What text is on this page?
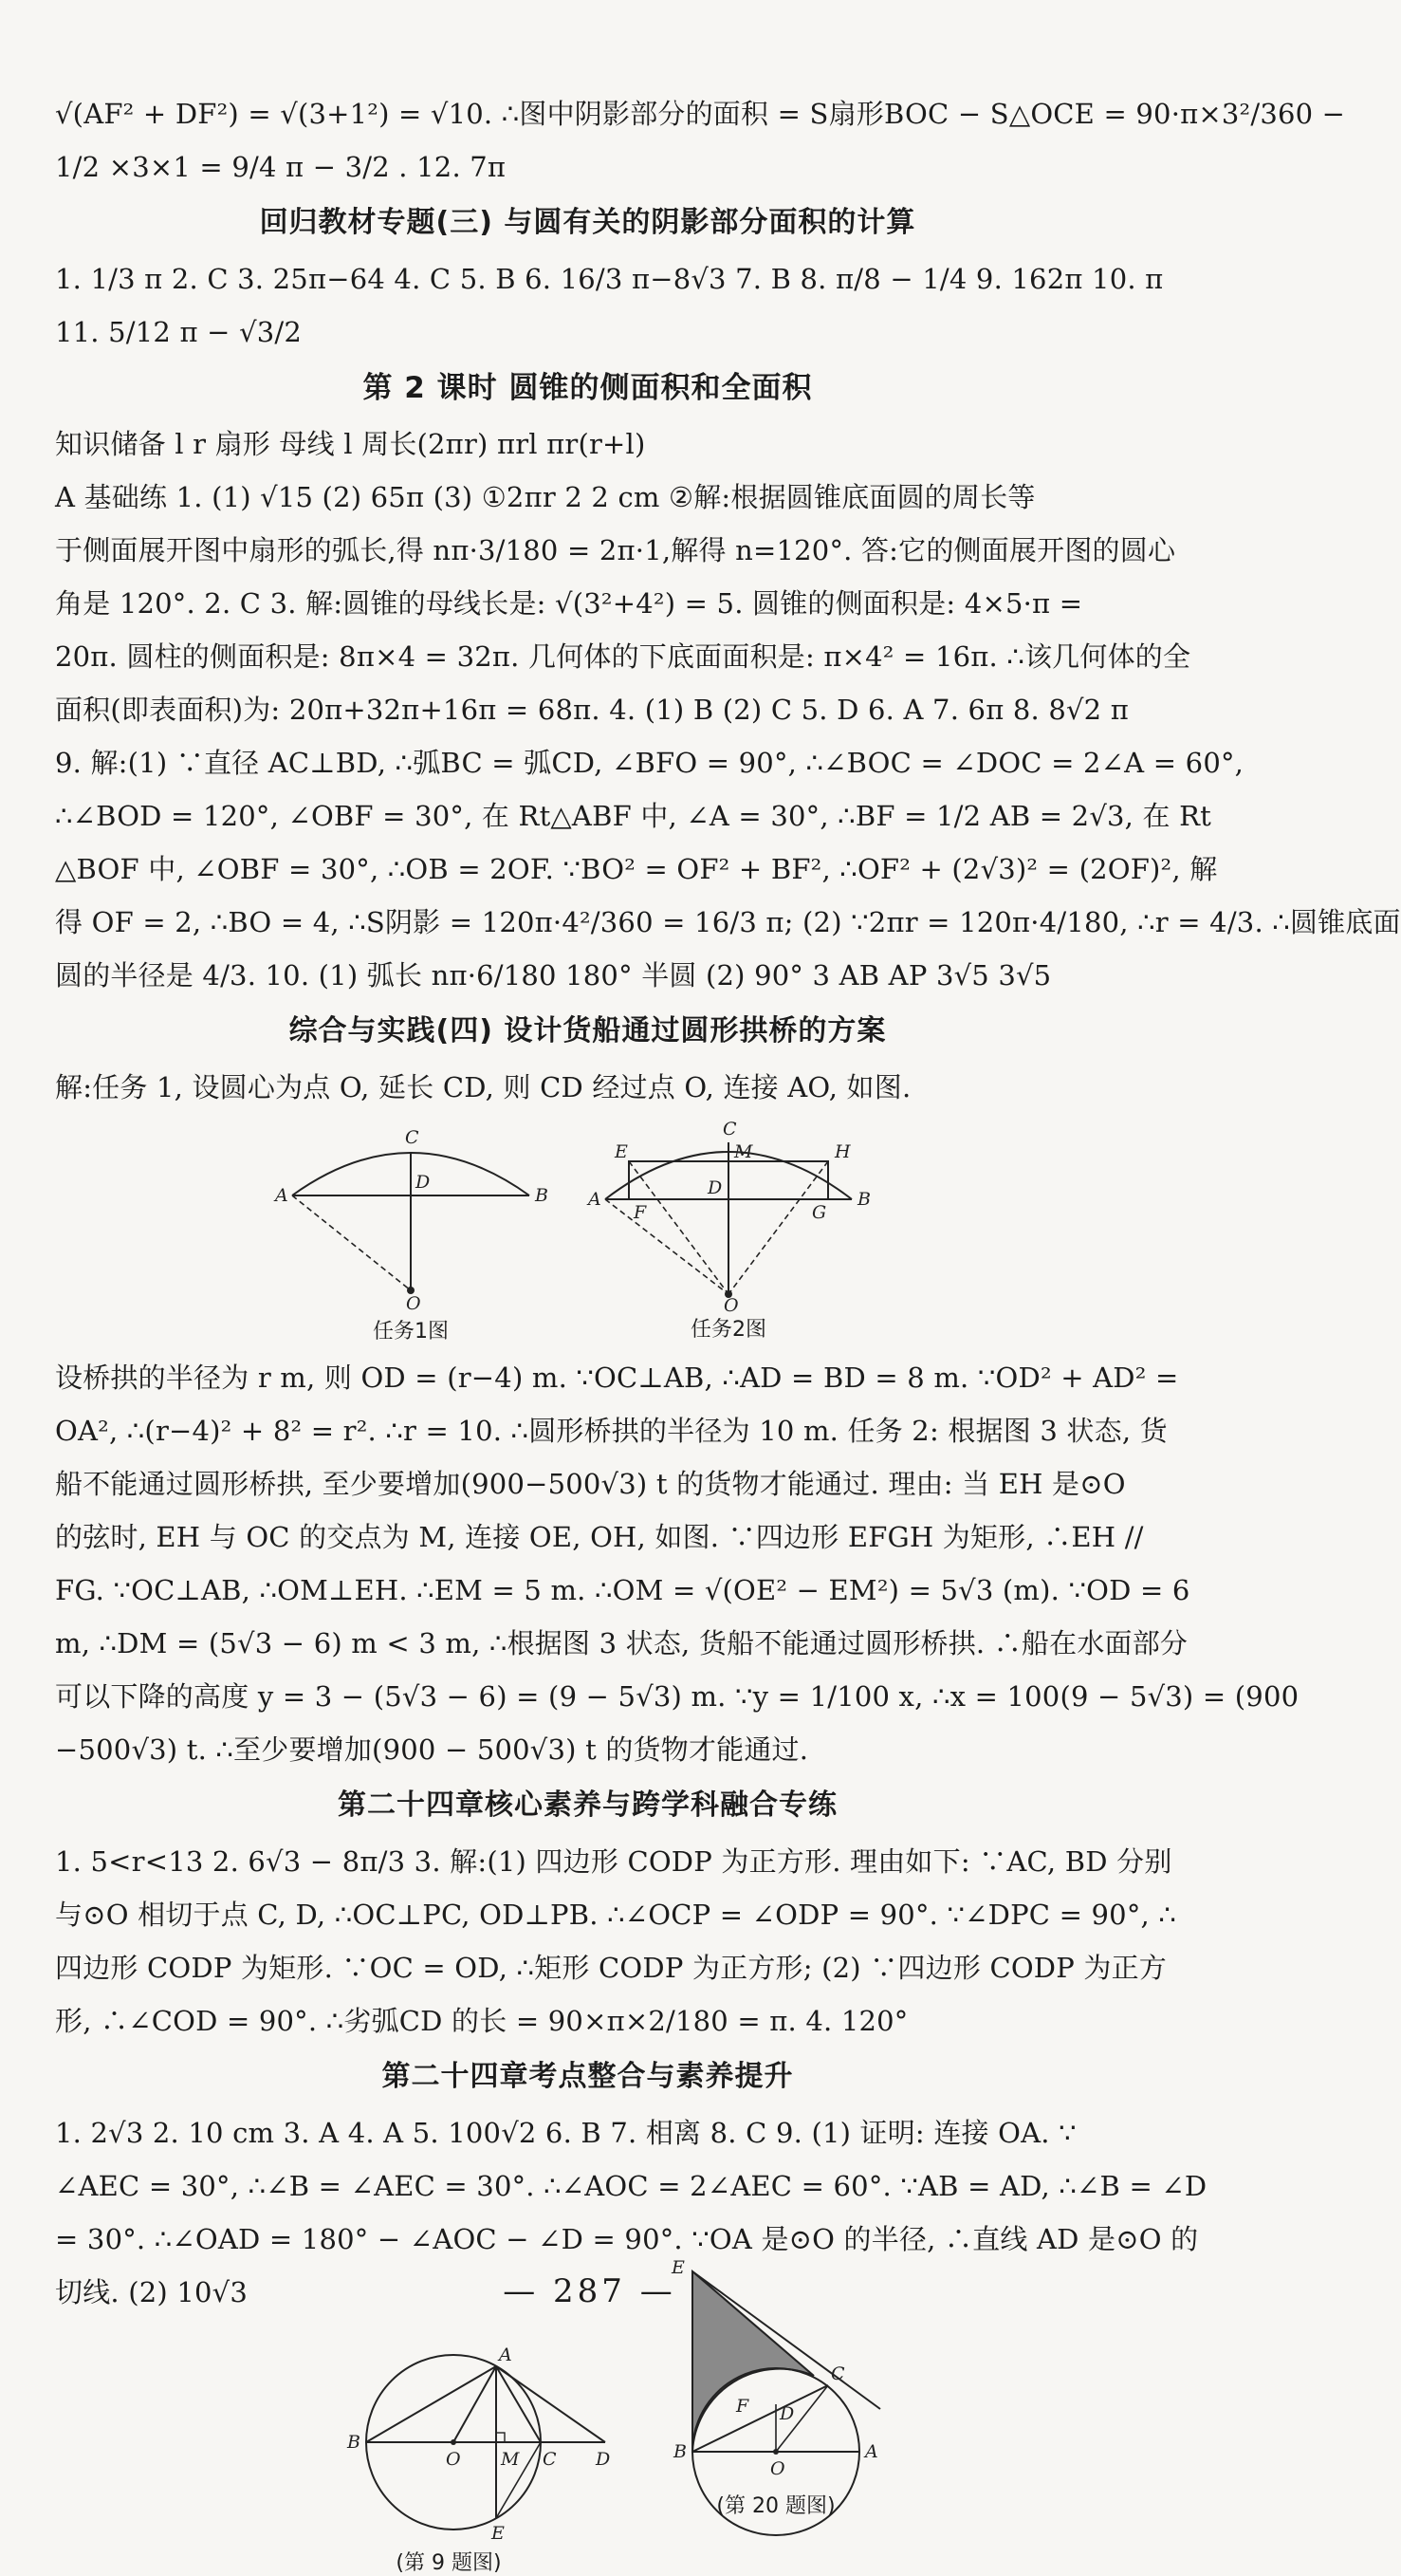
√(AF² + DF²) = √(3+1²) = √10. ∴图中阴影部分的面积 = S扇形BOC − S△OCE = 90·π×3²/360 −
1/2 ×3×1 = 9/4 π − 3/2 . 12. 7π
回归教材专题(三) 与圆有关的阴影部分面积的计算
1. 1/3 π 2. C 3. 25π−64 4. C 5. B 6. 16/3 π−8√3 7. B 8. π/8 − 1/4 9. 162π 10. π
11. 5/12 π − √3/2
第 2 课时 圆锥的侧面积和全面积
知识储备 l r 扇形 母线 l 周长(2πr) πrl πr(r+l)
A 基础练 1. (1) √15 (2) 65π (3) ①2πr 2 2 cm ②解:根据圆锥底面圆的周长等
于侧面展开图中扇形的弧长,得 nπ·3/180 = 2π·1,解得 n=120°. 答:它的侧面展开图的圆心
角是 120°. 2. C 3. 解:圆锥的母线长是: √(3²+4²) = 5. 圆锥的侧面积是: 4×5·π =
20π. 圆柱的侧面积是: 8π×4 = 32π. 几何体的下底面面积是: π×4² = 16π. ∴该几何体的全
面积(即表面积)为: 20π+32π+16π = 68π. 4. (1) B (2) C 5. D 6. A 7. 6π 8. 8√2 π
9. 解:(1) ∵直径 AC⊥BD, ∴弧BC = 弧CD, ∠BFO = 90°, ∴∠BOC = ∠DOC = 2∠A = 60°,
∴∠BOD = 120°, ∠OBF = 30°, 在 Rt△ABF 中, ∠A = 30°, ∴BF = 1/2 AB = 2√3, 在 Rt
△BOF 中, ∠OBF = 30°, ∴OB = 2OF. ∵BO² = OF² + BF², ∴OF² + (2√3)² = (2OF)², 解
得 OF = 2, ∴BO = 4, ∴S阴影 = 120π·4²/360 = 16/3 π; (2) ∵2πr = 120π·4/180, ∴r = 4/3. ∴圆锥底面
圆的半径是 4/3. 10. (1) 弧长 nπ·6/180 180° 半圆 (2) 90° 3 AB AP 3√5 3√5
综合与实践(四) 设计货船通过圆形拱桥的方案
解:任务 1, 设圆心为点 O, 延长 CD, 则 CD 经过点 O, 连接 AO, 如图.
C
D
A	B
O
任务1图
C
E	M	H
D
A
F	G
B
O
任务2图
设桥拱的半径为 r m, 则 OD = (r−4) m. ∵OC⊥AB, ∴AD = BD = 8 m. ∵OD² + AD² =
OA², ∴(r−4)² + 8² = r². ∴r = 10. ∴圆形桥拱的半径为 10 m. 任务 2: 根据图 3 状态, 货
船不能通过圆形桥拱, 至少要增加(900−500√3) t 的货物才能通过. 理由: 当 EH 是⊙O
的弦时, EH 与 OC 的交点为 M, 连接 OE, OH, 如图. ∵四边形 EFGH 为矩形, ∴EH //
FG. ∵OC⊥AB, ∴OM⊥EH. ∴EM = 5 m. ∴OM = √(OE² − EM²) = 5√3 (m). ∵OD = 6
m, ∴DM = (5√3 − 6) m < 3 m, ∴根据图 3 状态, 货船不能通过圆形桥拱. ∴船在水面部分
可以下降的高度 y = 3 − (5√3 − 6) = (9 − 5√3) m. ∵y = 1/100 x, ∴x = 100(9 − 5√3) = (900
−500√3) t. ∴至少要增加(900 − 500√3) t 的货物才能通过.
第二十四章核心素养与跨学科融合专练
1. 5<r<13 2. 6√3 − 8π/3 3. 解:(1) 四边形 CODP 为正方形. 理由如下: ∵AC, BD 分别
与⊙O 相切于点 C, D, ∴OC⊥PC, OD⊥PB. ∴∠OCP = ∠ODP = 90°. ∵∠DPC = 90°, ∴
四边形 CODP 为矩形. ∵OC = OD, ∴矩形 CODP 为正方形; (2) ∵四边形 CODP 为正方
形, ∴∠COD = 90°. ∴劣弧CD 的长 = 90×π×2/180 = π. 4. 120°
第二十四章考点整合与素养提升
1. 2√3 2. 10 cm 3. A 4. A 5. 100√2 6. B 7. 相离 8. C 9. (1) 证明: 连接 OA. ∵
∠AEC = 30°, ∴∠B = ∠AEC = 30°. ∴∠AOC = 2∠AEC = 60°. ∵AB = AD, ∴∠B = ∠D
= 30°. ∴∠OAD = 180° − ∠AOC − ∠D = 90°. ∵OA 是⊙O 的半径, ∴直线 AD 是⊙O 的
切线. (2) 10√3
A
B
O M C D
E
(第 9 题图)
E
C
F D
B
O
A
(第 20 题图)
— 287 —
